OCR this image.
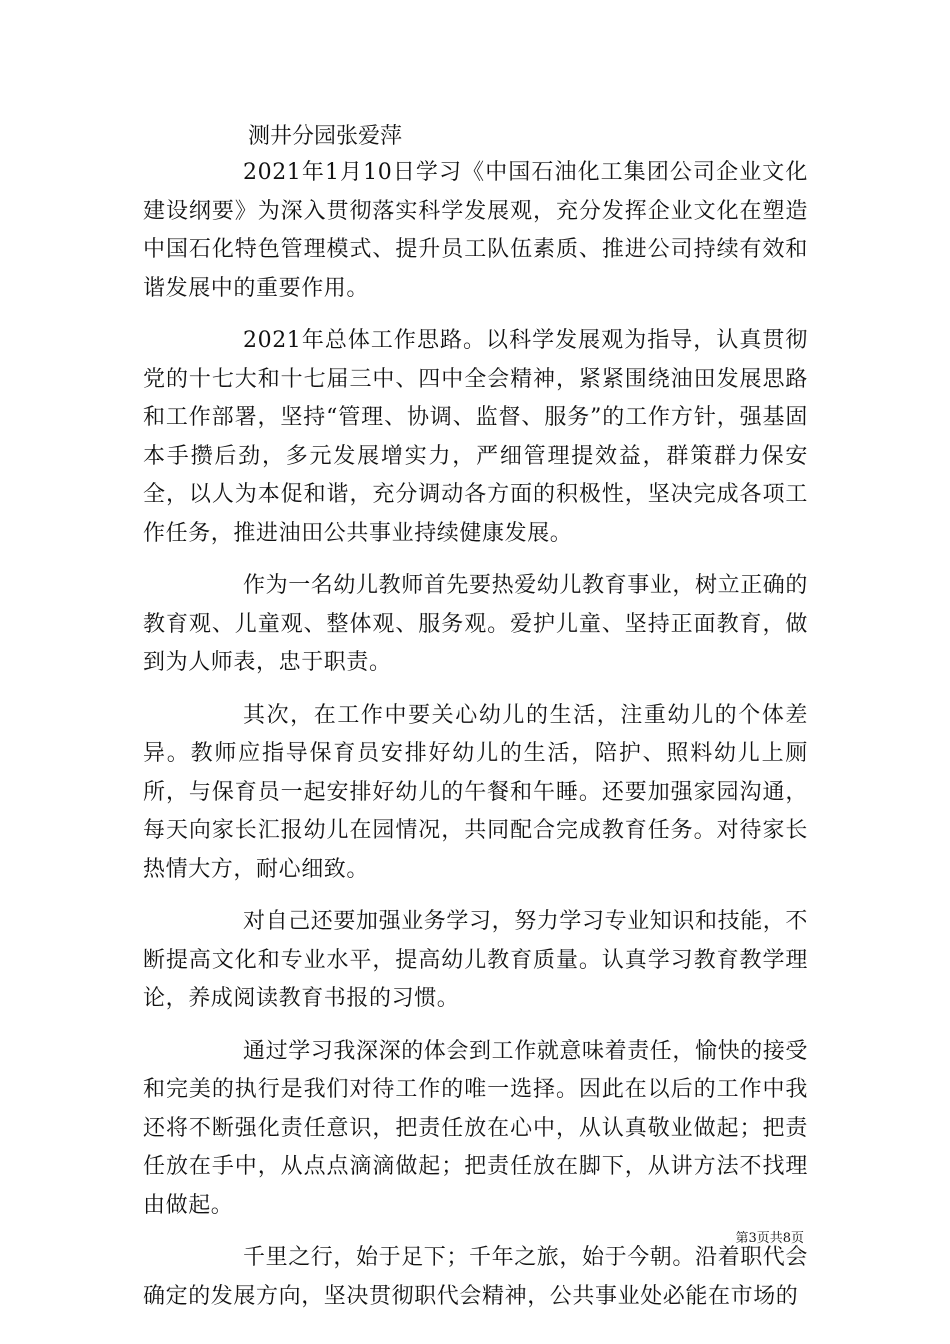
测井分园张爱萍

2021年1月10日学习《中国石油化工集团公司企业文化建设纲要》为深入贯彻落实科学发展观，充分发挥企业文化在塑造中国石化特色管理模式、提升员工队伍素质、推进公司持续有效和谐发展中的重要作用。

2021年总体工作思路。以科学发展观为指导，认真贯彻党的十七大和十七届三中、四中全会精神，紧紧围绕油田发展思路和工作部署，坚持“管理、协调、监督、服务”的工作方针，强基固本手攒后劲，多元发展增实力，严细管理提效益，群策群力保安全，以人为本促和谐，充分调动各方面的积极性，坚决完成各项工作任务，推进油田公共事业持续健康发展。

作为一名幼儿教师首先要热爱幼儿教育事业，树立正确的教育观、儿童观、整体观、服务观。爱护儿童、坚持正面教育，做到为人师表，忠于职责。

其次，在工作中要关心幼儿的生活，注重幼儿的个体差异。教师应指导保育员安排好幼儿的生活，陪护、照料幼儿上厕所，与保育员一起安排好幼儿的午餐和午睡。还要加强家园沟通，每天向家长汇报幼儿在园情况，共同配合完成教育任务。对待家长热情大方，耐心细致。

对自己还要加强业务学习，努力学习专业知识和技能，不断提高文化和专业水平，提高幼儿教育质量。认真学习教育教学理论，养成阅读教育书报的习惯。

通过学习我深深的体会到工作就意味着责任，愉快的接受和完美的执行是我们对待工作的唯一选择。因此在以后的工作中我还将不断强化责任意识，把责任放在心中，从认真敬业做起；把责任放在手中，从点点滴滴做起；把责任放在脚下，从讲方法不找理由做起。

千里之行，始于足下；千年之旅，始于今朝。沿着职代会确定的发展方向，坚决贯彻职代会精神，公共事业处必能在市场的

第3页共8页
